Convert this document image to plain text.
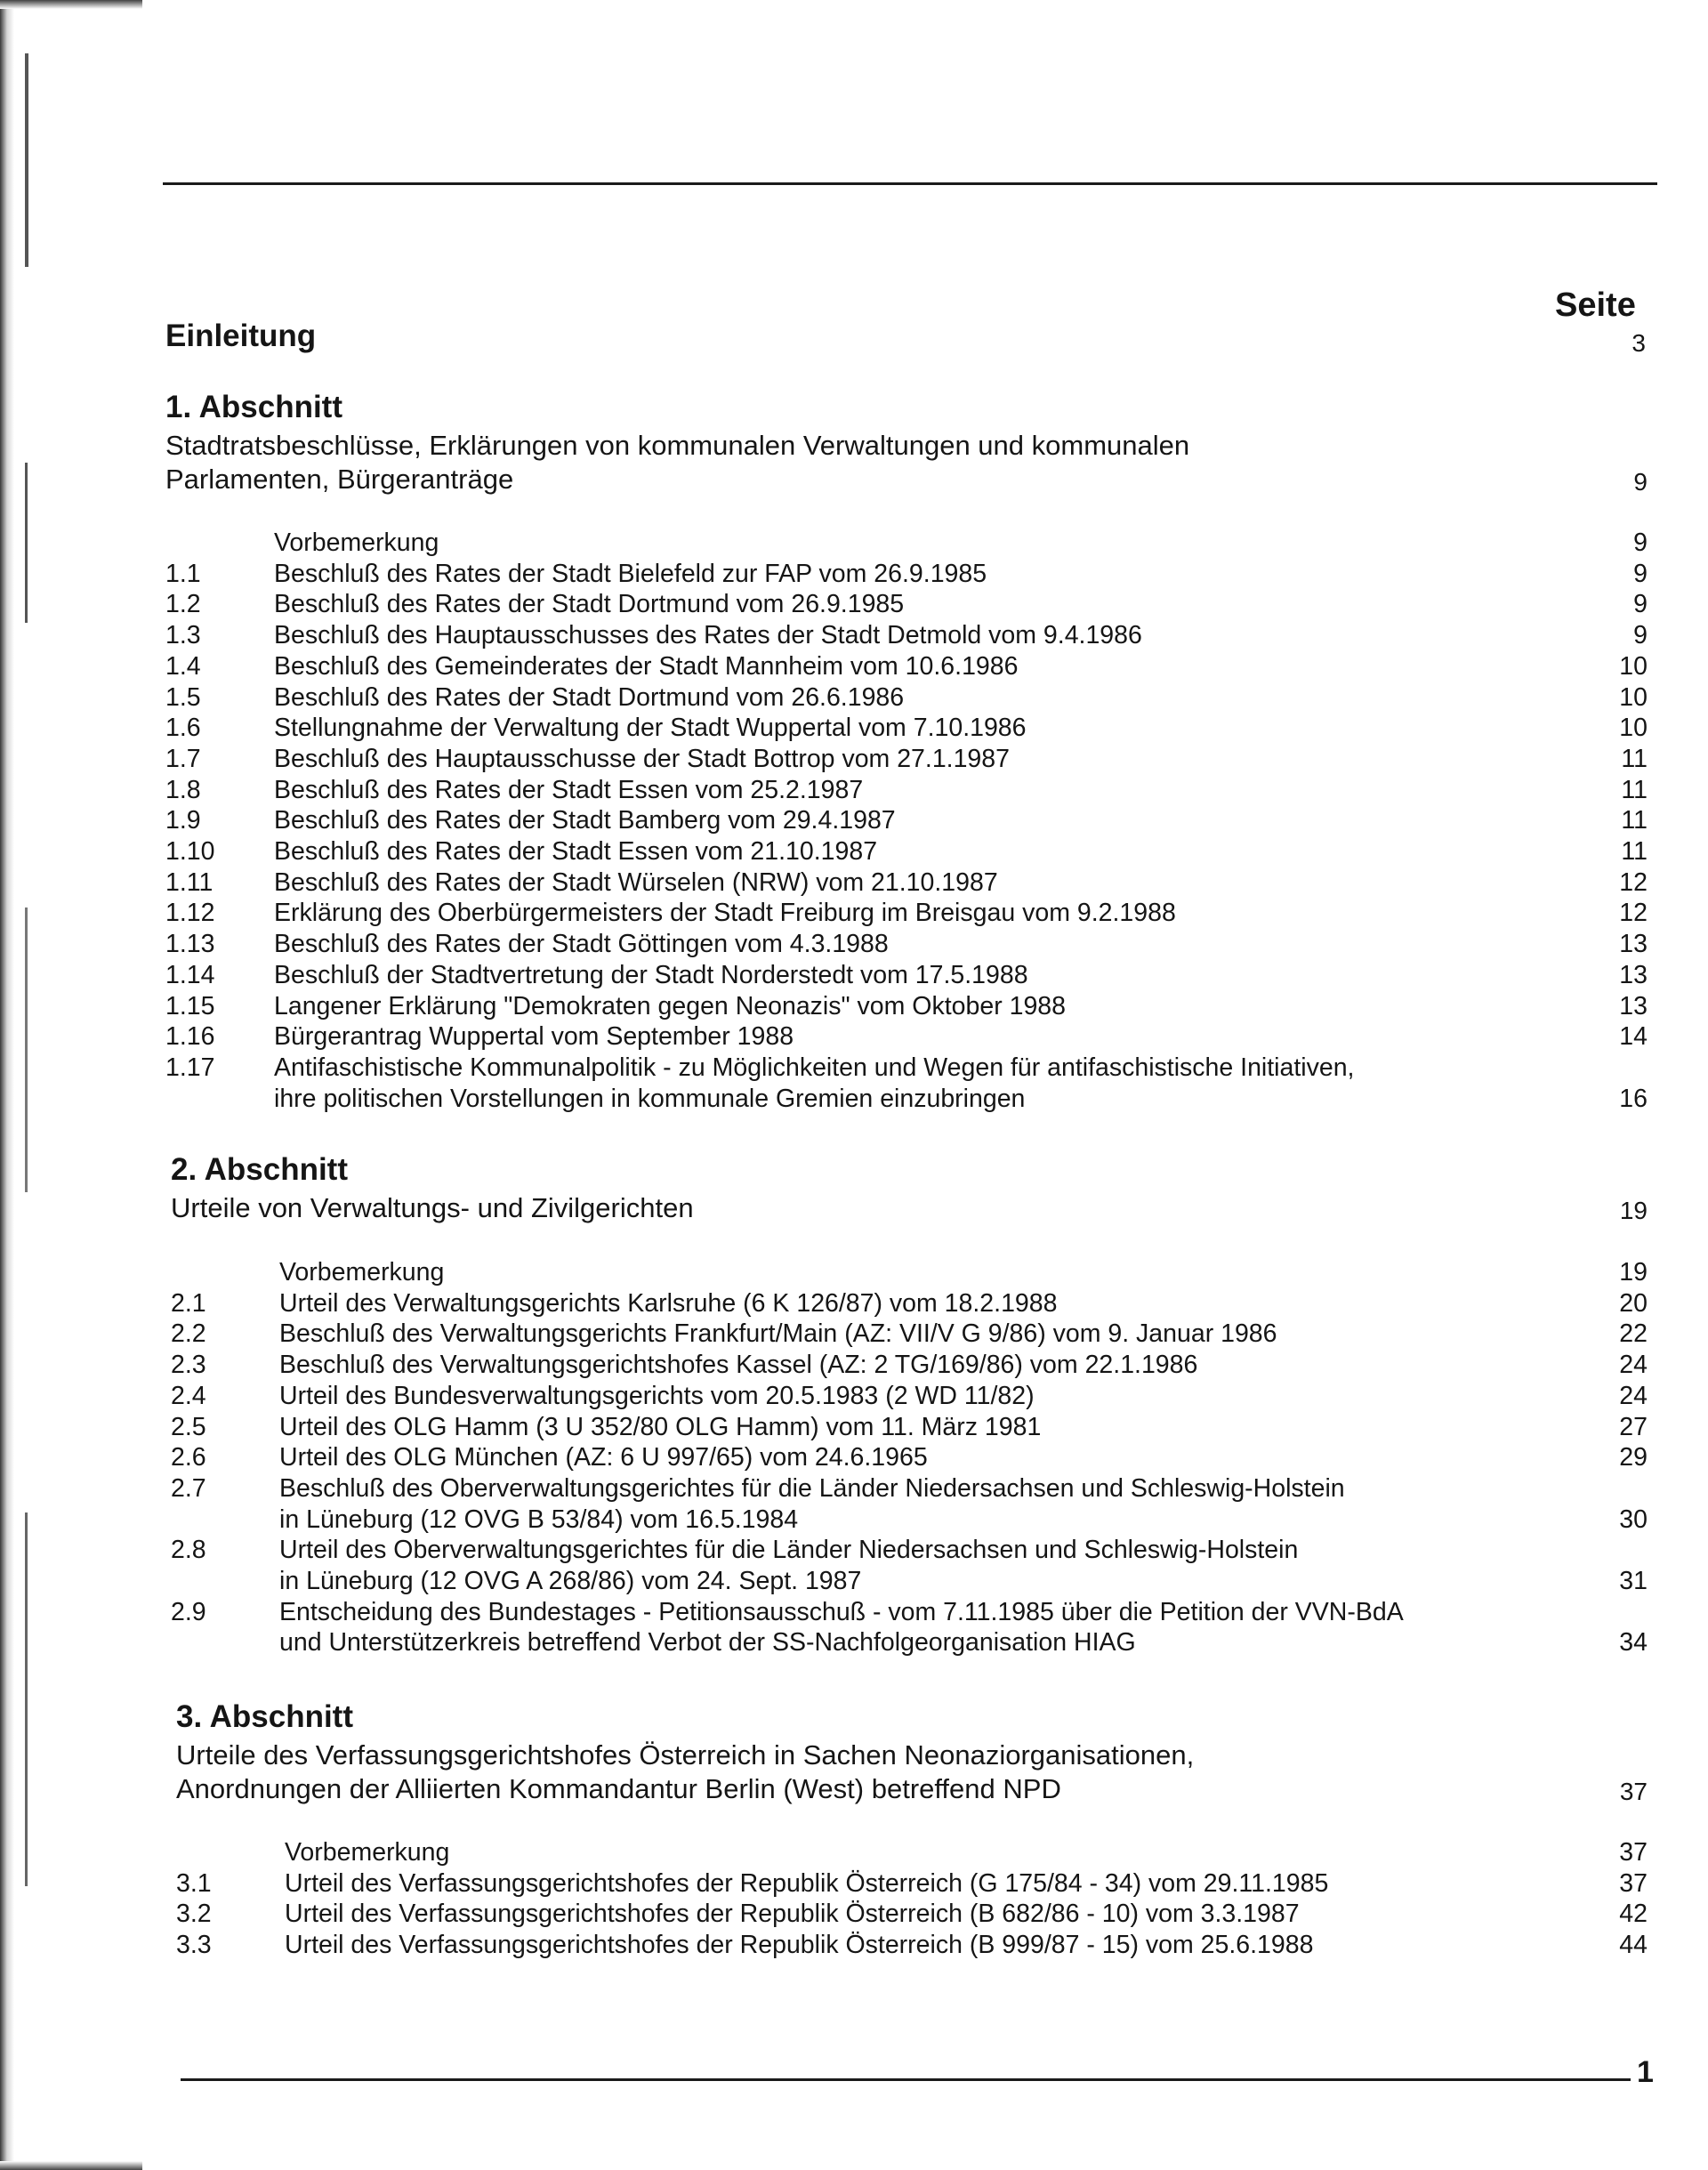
Seite
Einleitung	3
1. Abschnitt
Stadtratsbeschlüsse, Erklärungen von kommunalen Verwaltungen und kommunalen
Parlamenten, Bürgeranträge	9
Vorbemerkung	9
1.1	Beschluß des Rates der Stadt Bielefeld zur FAP vom 26.9.1985	9
1.2	Beschluß des Rates der Stadt Dortmund vom 26.9.1985	9
1.3	Beschluß des Hauptausschusses des Rates der Stadt Detmold vom 9.4.1986	9
1.4	Beschluß des Gemeinderates der Stadt Mannheim vom 10.6.1986	10
1.5	Beschluß des Rates der Stadt Dortmund vom 26.6.1986	10
1.6	Stellungnahme der Verwaltung der Stadt Wuppertal vom 7.10.1986	10
1.7	Beschluß des Hauptausschusse der Stadt Bottrop vom 27.1.1987	11
1.8	Beschluß des Rates der Stadt Essen vom 25.2.1987	11
1.9	Beschluß des Rates der Stadt Bamberg vom 29.4.1987	11
1.10	Beschluß des Rates der Stadt Essen vom 21.10.1987	11
1.11	Beschluß des Rates der Stadt Würselen (NRW) vom 21.10.1987	12
1.12	Erklärung des Oberbürgermeisters der Stadt Freiburg im Breisgau vom 9.2.1988	12
1.13	Beschluß des Rates der Stadt Göttingen vom 4.3.1988	13
1.14	Beschluß der Stadtvertretung der Stadt Norderstedt vom 17.5.1988	13
1.15	Langener Erklärung "Demokraten gegen Neonazis" vom Oktober 1988	13
1.16	Bürgerantrag Wuppertal vom September 1988	14
1.17	Antifaschistische Kommunalpolitik - zu Möglichkeiten und Wegen für antifaschistische Initiativen,
ihre politischen Vorstellungen in kommunale Gremien einzubringen	16
2. Abschnitt
Urteile von Verwaltungs- und Zivilgerichten	19
Vorbemerkung	19
2.1	Urteil des Verwaltungsgerichts Karlsruhe (6 K 126/87) vom 18.2.1988	20
2.2	Beschluß des Verwaltungsgerichts Frankfurt/Main (AZ: VII/V G 9/86) vom 9. Januar 1986	22
2.3	Beschluß des Verwaltungsgerichtshofes Kassel (AZ: 2 TG/169/86) vom 22.1.1986	24
2.4	Urteil des Bundesverwaltungsgerichts vom 20.5.1983 (2 WD 11/82)	24
2.5	Urteil des OLG Hamm (3 U 352/80 OLG Hamm) vom 11. März 1981	27
2.6	Urteil des OLG München (AZ: 6 U 997/65) vom 24.6.1965	29
2.7	Beschluß des Oberverwaltungsgerichtes für die Länder Niedersachsen und Schleswig-Holstein
in Lüneburg (12 OVG B 53/84) vom 16.5.1984	30
2.8	Urteil des Oberverwaltungsgerichtes für die Länder Niedersachsen und Schleswig-Holstein
in Lüneburg (12 OVG A 268/86) vom 24. Sept. 1987	31
2.9	Entscheidung des Bundestages - Petitionsausschuß - vom 7.11.1985 über die Petition der VVN-BdA
und Unterstützerkreis betreffend Verbot der SS-Nachfolgeorganisation HIAG	34
3. Abschnitt
Urteile des Verfassungsgerichtshofes Österreich in Sachen Neonaziorganisationen,
Anordnungen der Alliierten Kommandantur Berlin (West) betreffend NPD	37
Vorbemerkung	37
3.1	Urteil des Verfassungsgerichtshofes der Republik Österreich (G 175/84 - 34) vom 29.11.1985	37
3.2	Urteil des Verfassungsgerichtshofes der Republik Österreich (B 682/86 - 10) vom 3.3.1987	42
3.3	Urteil des Verfassungsgerichtshofes der Republik Österreich (B 999/87 - 15) vom 25.6.1988	44
1
